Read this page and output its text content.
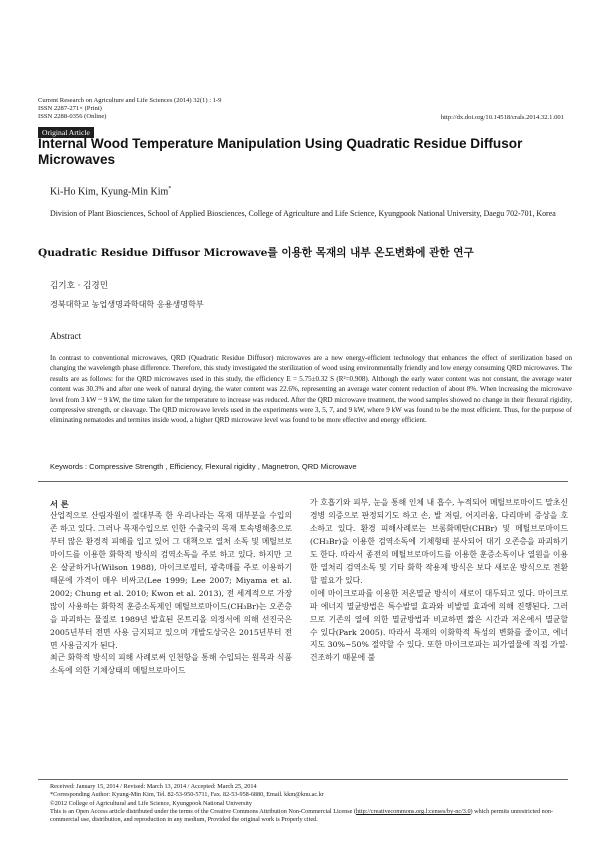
Current Research on Agriculture and Life Sciences (2014) 32(1) : 1-9
ISSN 2287-271× (Print)
ISSN 2288-0356 (Online)	http://dx.doi.org/10.14518/crals.2014.32.1.001
Original Article
Internal Wood Temperature Manipulation Using Quadratic Residue Diffusor Microwaves
Ki-Ho Kim, Kyung-Min Kim*
Division of Plant Biosciences, School of Applied Biosciences, College of Agriculture and Life Science, Kyungpook National University, Daegu 702-701, Korea
Quadratic Residue Diffusor Microwave를 이용한 목재의 내부 온도변화에 관한 연구
김기호 · 김경민
경북대학교 농업생명과학대학 응용생명학부
Abstract
In contrast to conventional microwaves, QRD (Quadratic Residue Diffusor) microwaves are a new energy-efficient technology that enhances the effect of sterilization based on changing the wavelength phase difference. Therefore, this study investigated the sterilization of wood using environmentally friendly and low energy consuming QRD microwaves. The results are as follows: for the QRD microwaves used in this study, the efficiency E = 5.75±0.32 S (R²=0.908). Although the early water content was not constant, the average water content was 30.3% and after one week of natural drying, the water content was 22.6%, representing an average water content reduction of about 8%. When increasing the microwave level from 3 kW ~ 9 kW, the time taken for the temperature to increase was reduced. After the QRD microwave treatment, the wood samples showed no change in their flexural rigidity, compressive strength, or cleavage. The QRD microwave levels used in the experiments were 3, 5, 7, and 9 kW, where 9 kW was found to be the most efficient. Thus, for the purpose of eliminating nematodes and termites inside wood, a higher QRD microwave level was found to be more effective and energy efficient.
Keywords : Compressive Strength , Efficiency, Flexural rigidity , Magnetron, QRD Microwave
서 론

산업적으로 산림자원이 절대부족 한 우리나라는 목재 대부분을 수입의존 하고 있다. 그러나 목재수입으로 인한 수출국의 목재 토속병해충으로부터 많은 환경적 피해를 입고 있어 그 대책으로 열처 소독 및 메틸브로마이드를 이용한 화학적 방식의 검역소독을 주로 하고 있다. 하지만 고온 살균하거나(Wilson 1988), 마이크로필터, 광촉매를 주로 이용하기 때문에 가격이 매우 비싸고(Lee 1999; Lee 2007; Miyama et al. 2002; Chung et al. 2010; Kwon et al. 2013), 전 세계적으로 가장 많이 사용하는 화학적 훈증소독제인 메틸브로마이드(CH₃Br)는 오존층을 파괴하는 물질로 1989년 발효된 몬트리올 의정서에 의해 선진국은 2005년부터 전면 사용 금지되고 있으며 개발도상국은 2015년부터 전면 사용금지가 된다.

최근 화학적 방식의 피해 사례로써 인천항을 통해 수입되는 원목과 식품소독에 의한 기체상태의 메틸브로마이드

가 호흡기와 피부, 눈을 통해 인체 내 흡수, 누적되어 메틸브로마이드 말초신경병 의증으로 판정되기도 하고 손, 발 저림, 어지러움, 다리마비 증상을 호소하고 있다. 환경 피해사례로는 브롬화메탄(CHBr) 및 메틸브로마이드(CH₃Br)을 이용한 검역소독에 기체형태 분사되어 대기 오존층을 파괴하기도 한다. 따라서 종전의 메틸브로마이드를 이용한 훈증소독이나 열원을 이용한 열처리 검역소독 및 기타 화학 작용제 방식은 보다 새로운 방식으로 전환할 필요가 있다.

이에 마이크로파를 이용한 저온멸균 방식이 새로이 대두되고 있다. 마이크로파 에너지 멸균방법은 특수발열 효과와 비발열 효과에 의해 진행된다. 그러므로 기존의 열에 의한 멸균방법과 비교하면 짧은 시간과 저온에서 멸균할 수 있다(Park 2005). 따라서 목재의 이화학적 특성의 변화를 줄이고, 에너지도 30%~50% 절약할 수 있다. 또한 마이크로파는 피가열물에 직접 가열·건조하기 때문에 불

Received: January 15, 2014 / Revised: March 13, 2014 / Accepted: March 25, 2014
*Corresponding Author: Kyung-Min Kim, Tel. 82-53-950-5711, Fax. 82-53-958-6880, Email. kkm@knu.ac.kr
©2012 College of Agricultural and Life Science, Kyungpook National University
This is an Open Access article distributed under the terms of the Creative Commons Attribution Non-Commercial License (http://creativecommons.org.l:censes/by-nc/3.0) which permits unrestricted non-commercial use, distribution, and reproduction in any medium, Provided the original work is Properly cited.
